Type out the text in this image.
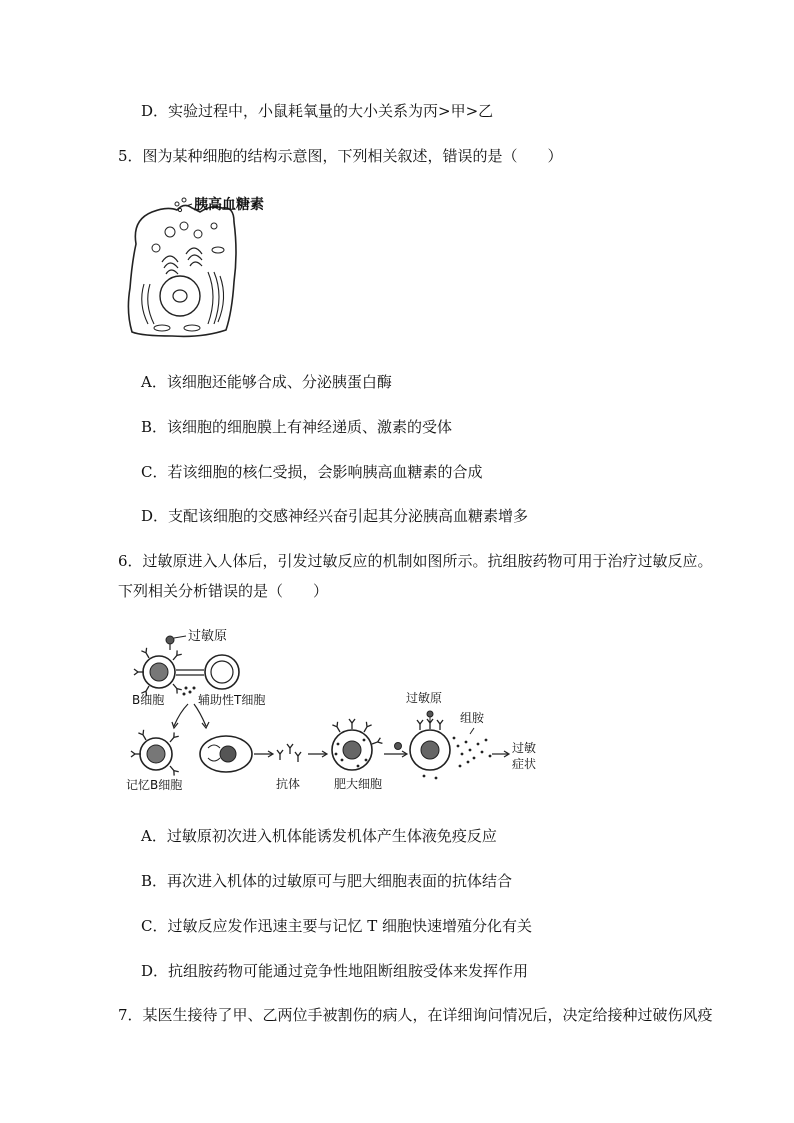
D．实验过程中，小鼠耗氧量的大小关系为丙>甲>乙
5．图为某种细胞的结构示意图，下列相关叙述，错误的是（　　）
胰高血糖素
A．该细胞还能够合成、分泌胰蛋白酶
B．该细胞的细胞膜上有神经递质、激素的受体
C．若该细胞的核仁受损，会影响胰高血糖素的合成
D．支配该细胞的交感神经兴奋引起其分泌胰高血糖素增多
6．过敏原进入人体后，引发过敏反应的机制如图所示。抗组胺药物可用于治疗过敏反应。
下列相关分析错误的是（　　）
过敏原
B细胞	辅助性T细胞
记忆B细胞	抗体	肥大细胞
过敏原
组胺
过敏
症状
A．过敏原初次进入机体能诱发机体产生体液免疫反应
B．再次进入机体的过敏原可与肥大细胞表面的抗体结合
C．过敏反应发作迅速主要与记忆 T 细胞快速增殖分化有关
D．抗组胺药物可能通过竞争性地阻断组胺受体来发挥作用
7．某医生接待了甲、乙两位手被割伤的病人，在详细询问情况后，决定给接种过破伤风疫
